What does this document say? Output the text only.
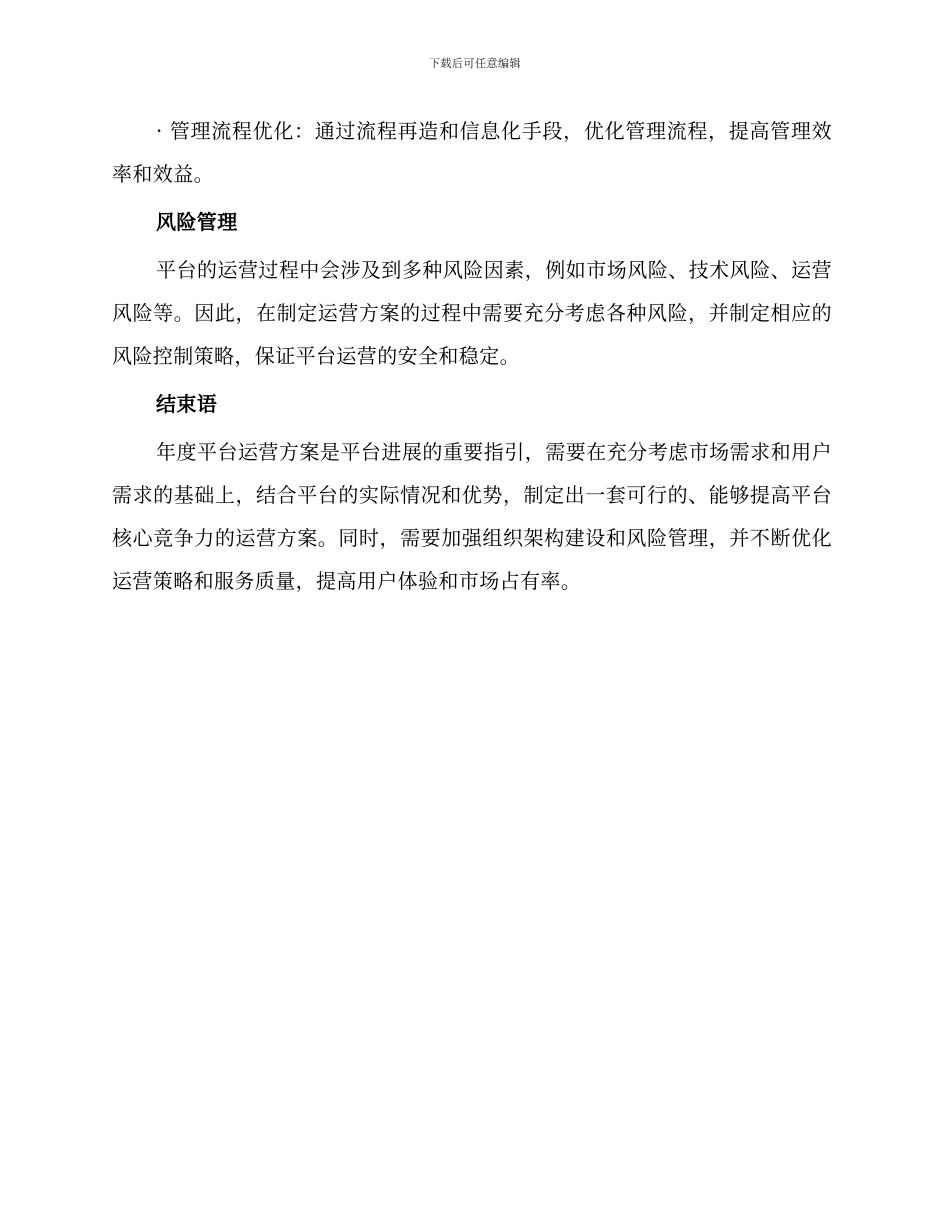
下载后可任意编辑

· 管理流程优化：通过流程再造和信息化手段，优化管理流程，提高管理效率和效益。

风险管理

平台的运营过程中会涉及到多种风险因素，例如市场风险、技术风险、运营风险等。因此，在制定运营方案的过程中需要充分考虑各种风险，并制定相应的风险控制策略，保证平台运营的安全和稳定。

结束语

年度平台运营方案是平台进展的重要指引，需要在充分考虑市场需求和用户需求的基础上，结合平台的实际情况和优势，制定出一套可行的、能够提高平台核心竞争力的运营方案。同时，需要加强组织架构建设和风险管理，并不断优化运营策略和服务质量，提高用户体验和市场占有率。
